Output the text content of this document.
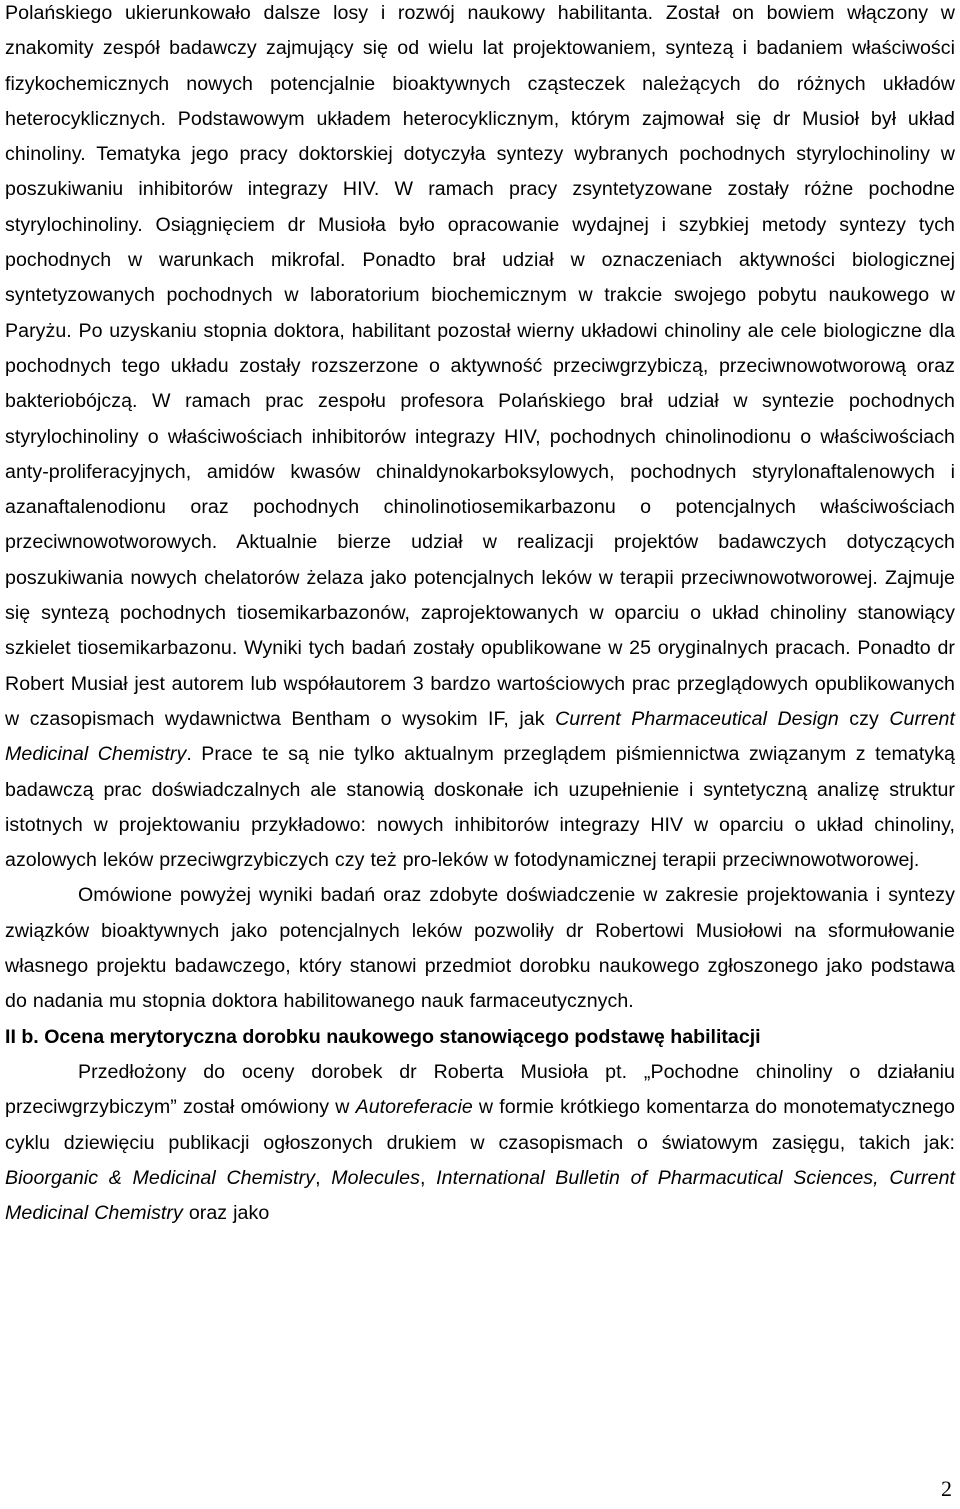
Polańskiego ukierunkowało dalsze losy i rozwój naukowy habilitanta. Został on bowiem włączony w znakomity zespół badawczy zajmujący się od wielu lat projektowaniem, syntezą i badaniem właściwości fizykochemicznych nowych potencjalnie bioaktywnych cząsteczek należących do różnych układów heterocyklicznych. Podstawowym układem heterocyklicznym, którym zajmował się dr Musioł był układ chinoliny. Tematyka jego pracy doktorskiej dotyczyła syntezy wybranych pochodnych styrylochinoliny w poszukiwaniu inhibitorów integrazy HIV. W ramach pracy zsyntetyzowane zostały różne pochodne styrylochinoliny. Osiągnięciem dr Musioła było opracowanie wydajnej i szybkiej metody syntezy tych pochodnych w warunkach mikrofal. Ponadto brał udział w oznaczeniach aktywności biologicznej syntetyzowanych pochodnych w laboratorium biochemicznym w trakcie swojego pobytu naukowego w Paryżu. Po uzyskaniu stopnia doktora, habilitant pozostał wierny układowi chinoliny ale cele biologiczne dla pochodnych tego układu zostały rozszerzone o aktywność przeciwgrzybiczą, przeciwnowotworową oraz bakteriobójczą. W ramach prac zespołu profesora Polańskiego brał udział w syntezie pochodnych styrylochinoliny o właściwościach inhibitorów integrazy HIV, pochodnych chinolinodionu o właściwościach anty-proliferacyjnych, amidów kwasów chinaldynokarboksylowych, pochodnych styrylonaftalenowych i azanaftalenodionu oraz pochodnych chinolinotiosemikarbazonu o potencjalnych właściwościach przeciwnowotworowych. Aktualnie bierze udział w realizacji projektów badawczych dotyczących poszukiwania nowych chelatorów żelaza jako potencjalnych leków w terapii przeciwnowotworowej. Zajmuje się syntezą pochodnych tiosemikarbazonów, zaprojektowanych w oparciu o układ chinoliny stanowiący szkielet tiosemikarbazonu. Wyniki tych badań zostały opublikowane w 25 oryginalnych pracach. Ponadto dr Robert Musiał jest autorem lub współautorem 3 bardzo wartościowych prac przeglądowych opublikowanych w czasopismach wydawnictwa Bentham o wysokim IF, jak Current Pharmaceutical Design czy Current Medicinal Chemistry. Prace te są nie tylko aktualnym przeglądem piśmiennictwa związanym z tematyką badawczą prac doświadczalnych ale stanowią doskonałe ich uzupełnienie i syntetyczną analizę struktur istotnych w projektowaniu przykładowo: nowych inhibitorów integrazy HIV w oparciu o układ chinoliny, azolowych leków przeciwgrzybiczych czy też pro-leków w fotodynamicznej terapii przeciwnowotworowej.

Omówione powyżej wyniki badań oraz zdobyte doświadczenie w zakresie projektowania i syntezy związków bioaktywnych jako potencjalnych leków pozwoliły dr Robertowi Musiołowi na sformułowanie własnego projektu badawczego, który stanowi przedmiot dorobku naukowego zgłoszonego jako podstawa do nadania mu stopnia doktora habilitowanego nauk farmaceutycznych.

II b. Ocena merytoryczna dorobku naukowego stanowiącego podstawę habilitacji

Przedłożony do oceny dorobek dr Roberta Musioła pt. „Pochodne chinoliny o działaniu przeciwgrzybiczym” został omówiony w Autoreferacie w formie krótkiego komentarza do monotematycznego cyklu dziewięciu publikacji ogłoszonych drukiem w czasopismach o światowym zasięgu, takich jak: Bioorganic & Medicinal Chemistry, Molecules, International Bulletin of Pharmacutical Sciences, Current Medicinal Chemistry oraz jako

2
